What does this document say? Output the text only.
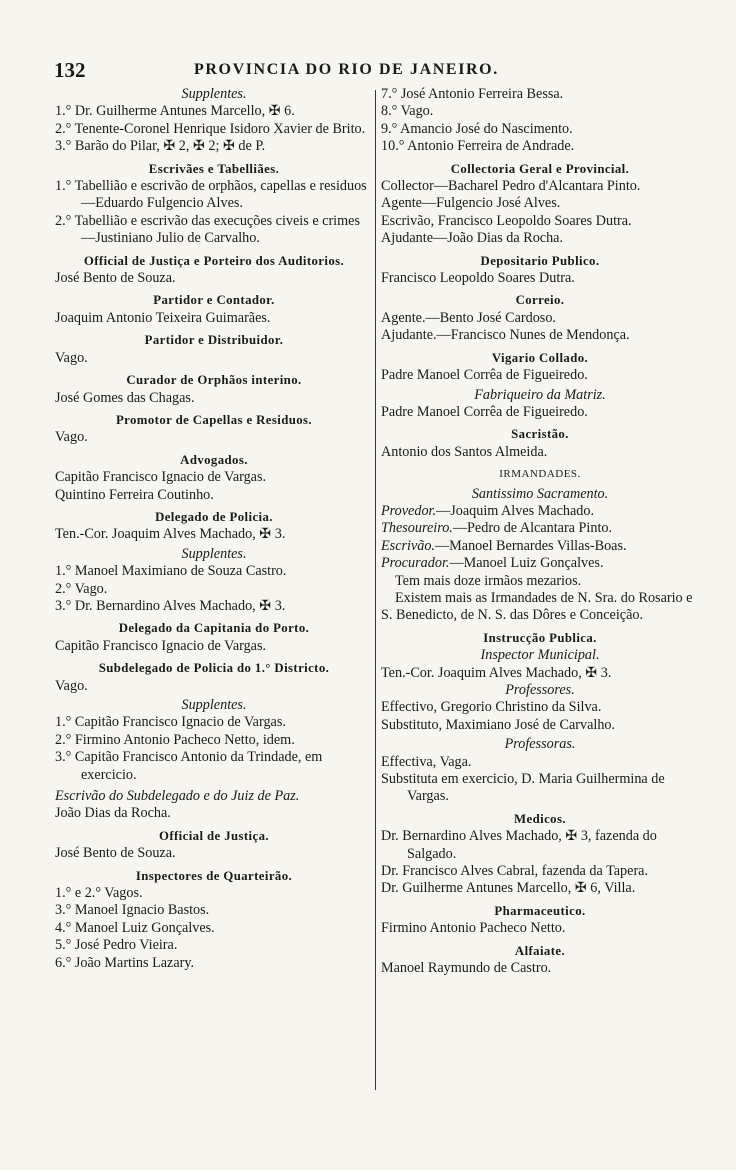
132	PROVINCIA DO RIO DE JANEIRO.
Supplentes.
1.° Dr. Guilherme Antunes Marcello, ✠ 6.
2.° Tenente-Coronel Henrique Isidoro Xavier de Brito.
3.° Barão do Pilar, ✠ 2, ✠ 2; ✠ de P.
Escrivães e Tabelliães.
1.° Tabellião e escrivão de orphãos, capellas e residuos—Eduardo Fulgencio Alves.
2.° Tabellião e escrivão das execuções civeis e crimes—Justiniano Julio de Carvalho.
Official de Justiça e Porteiro dos Auditorios.
José Bento de Souza.
Partidor e Contador.
Joaquim Antonio Teixeira Guimarães.
Partidor e Distribuidor.
Vago.
Curador de Orphãos interino.
José Gomes das Chagas.
Promotor de Capellas e Residuos.
Vago.
Advogados.
Capitão Francisco Ignacio de Vargas.
Quintino Ferreira Coutinho.
Delegado de Policia.
Ten.-Cor. Joaquim Alves Machado, ✠ 3.
Supplentes.
1.° Manoel Maximiano de Souza Castro.
2.° Vago.
3.° Dr. Bernardino Alves Machado, ✠ 3.
Delegado da Capitania do Porto.
Capitão Francisco Ignacio de Vargas.
Subdelegado de Policia do 1.° Districto.
Vago.
Supplentes.
1.° Capitão Francisco Ignacio de Vargas.
2.° Firmino Antonio Pacheco Netto, idem.
3.° Capitão Francisco Antonio da Trindade, em exercicio.
Escrivão do Subdelegado e do Juiz de Paz.
João Dias da Rocha.
Official de Justiça.
José Bento de Souza.
Inspectores de Quarteirão.
1.° e 2.° Vagos.
3.° Manoel Ignacio Bastos.
4.° Manoel Luiz Gonçalves.
5.° José Pedro Vieira.
6.° João Martins Lazary.
7.° José Antonio Ferreira Bessa.
8.° Vago.
9.° Amancio José do Nascimento.
10.° Antonio Ferreira de Andrade.
Collectoria Geral e Provincial.
Collector—Bacharel Pedro d'Alcantara Pinto.
Agente—Fulgencio José Alves.
Escrivão, Francisco Leopoldo Soares Dutra.
Ajudante—João Dias da Rocha.
Depositario Publico.
Francisco Leopoldo Soares Dutra.
Correio.
Agente.—Bento José Cardoso.
Ajudante.—Francisco Nunes de Mendonça.
Vigario Collado.
Padre Manoel Corrêa de Figueiredo.
Fabriqueiro da Matriz.
Padre Manoel Corrêa de Figueiredo.
Sacristão.
Antonio dos Santos Almeida.
IRMANDADES.
Santissimo Sacramento.
Provedor.—Joaquim Alves Machado.
Thesoureiro.—Pedro de Alcantara Pinto.
Escrivão.—Manoel Bernardes Villas-Boas.
Procurador.—Manoel Luiz Gonçalves.
Tem mais doze irmãos mezarios.
Existem mais as Irmandades de N. Sra. do Rosario e S. Benedicto, de N. S. das Dôres e Conceição.
Instrucção Publica.
Inspector Municipal.
Ten.-Cor. Joaquim Alves Machado, ✠ 3.
Professores.
Effectivo, Gregorio Christino da Silva.
Substituto, Maximiano José de Carvalho.
Professoras.
Effectiva, Vaga.
Substituta em exercicio, D. Maria Guilhermina de Vargas.
Medicos.
Dr. Bernardino Alves Machado, ✠ 3, fazenda do Salgado.
Dr. Francisco Alves Cabral, fazenda da Tapera.
Dr. Guilherme Antunes Marcello, ✠ 6, Villa.
Pharmaceutico.
Firmino Antonio Pacheco Netto.
Alfaiate.
Manoel Raymundo de Castro.
